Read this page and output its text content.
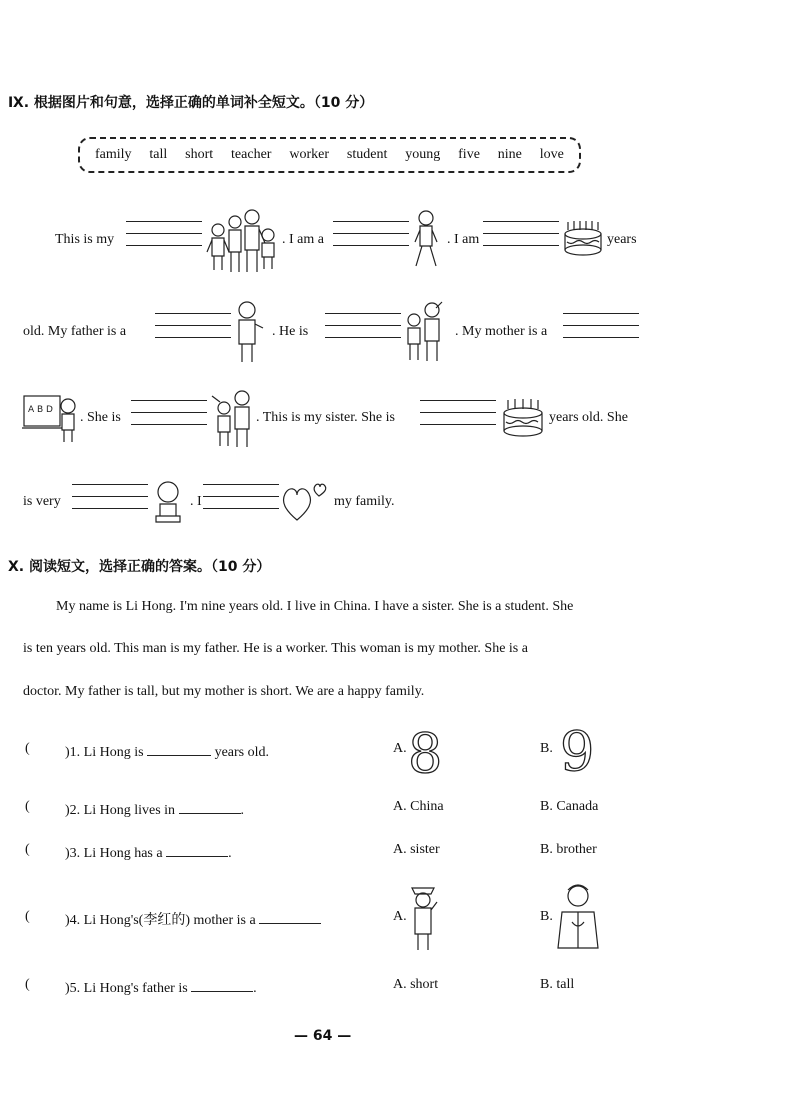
Ⅸ. 根据图片和句意，选择正确的单词补全短文。（10 分）
family tall short teacher worker student young five nine love
This is my	. I am a	. I am	years
old. My father is a	. He is	. My mother is a
A B D . She is	. This is my sister. She is	years old. She
is very	. I	my family.
Ⅹ. 阅读短文，选择正确的答案。（10 分）
My name is Li Hong. I'm nine years old. I live in China. I have a sister. She is a student. She
is ten years old. This man is my father. He is a worker. This woman is my mother. She is a
doctor. My father is tall, but my mother is short. We are a happy family.
(	)1. Li Hong is	years old.	A. 8	B. 9
(	)2. Li Hong lives in	.	A. China	B. Canada
(	)3. Li Hong has a	.	A. sister	B. brother
(	)4. Li Hong's(李红的) mother is a	A.	B.
(	)5. Li Hong's father is	.	A. short	B. tall
— 64 —
